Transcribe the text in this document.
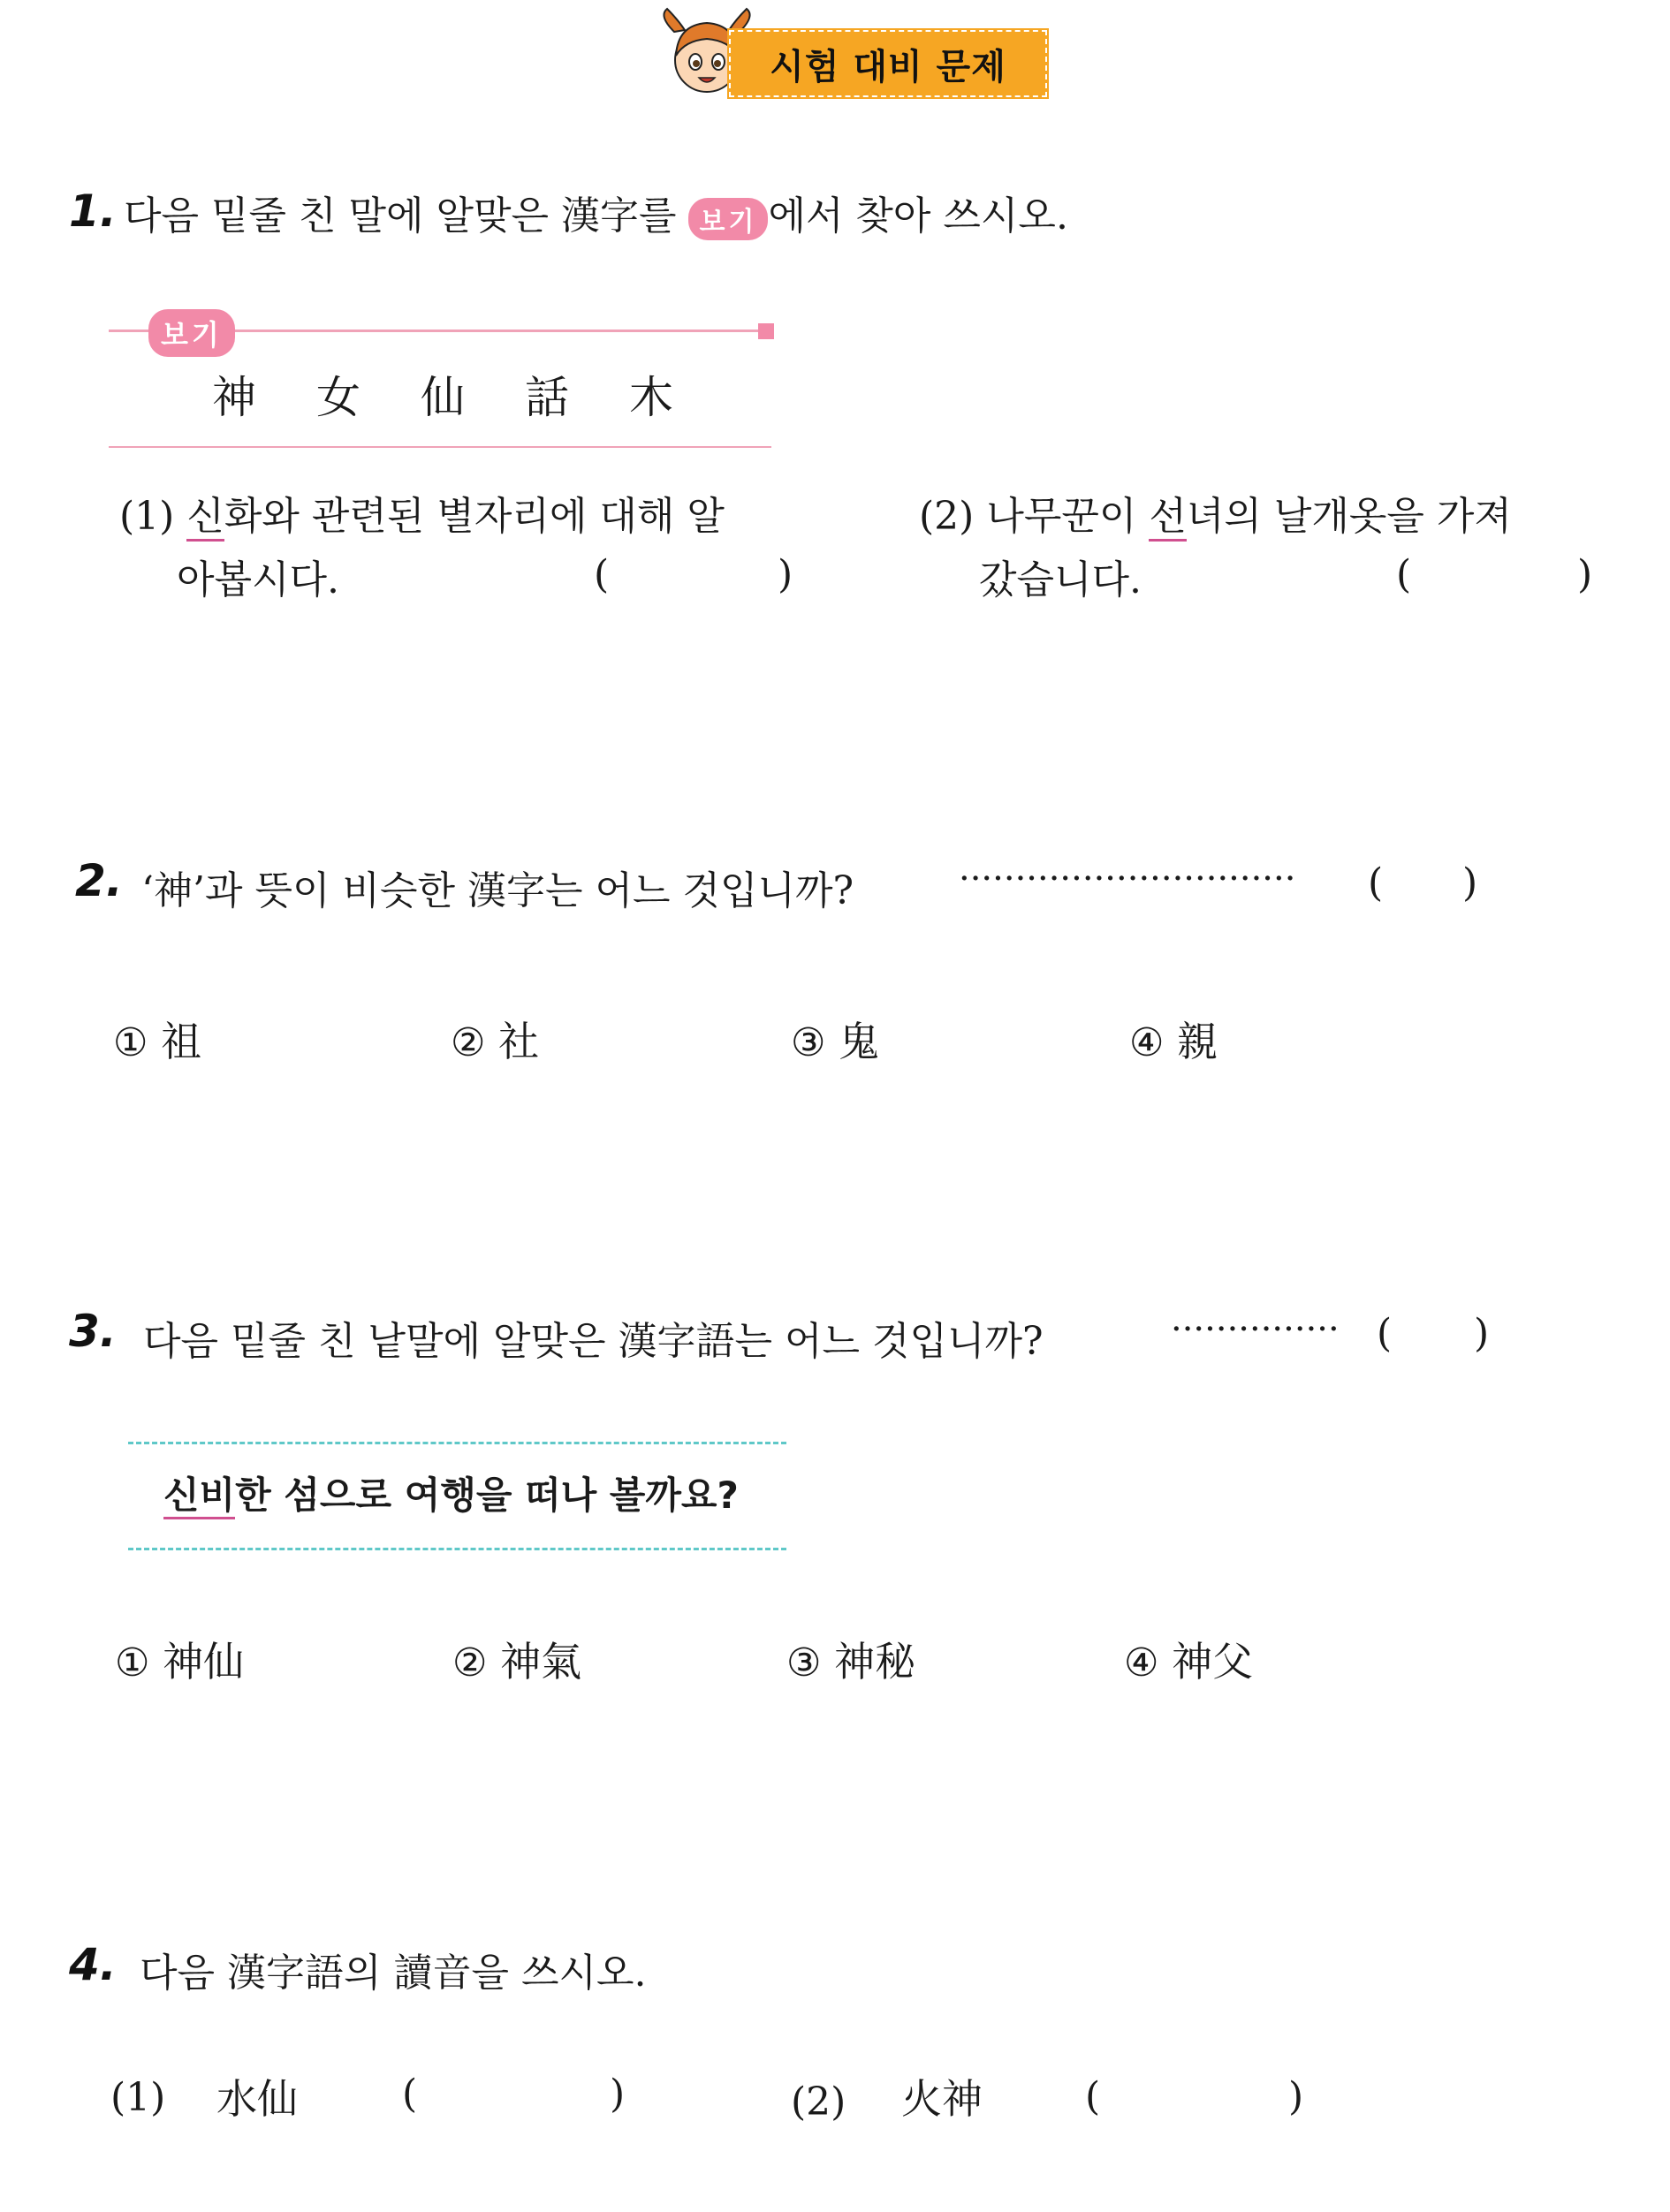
시험 대비 문제
1. 다음 밑줄 친 말에 알맞은 漢字를 보기 에서 찾아 쓰시오.
보기
神	女	仙	話	木
(1) 신화와 관련된 별자리에 대해 알
아봅시다.	(	)
(2) 나무꾼이 선녀의 날개옷을 가져
갔습니다.	(	)
2. ‘神’과 뜻이 비슷한 漢字는 어느 것입니까?	······························ ( )
① 祖	② 社	③ 鬼	④ 親
3. 다음 밑줄 친 낱말에 알맞은 漢字語는 어느 것입니까?	··············· ( )
신비한 섬으로 여행을 떠나 볼까요?
① 神仙	② 神氣	③ 神秘	④ 神父
4. 다음 漢字語의 讀音을 쓰시오.
(1) 水仙	(	)	(2) 火神	(	)
